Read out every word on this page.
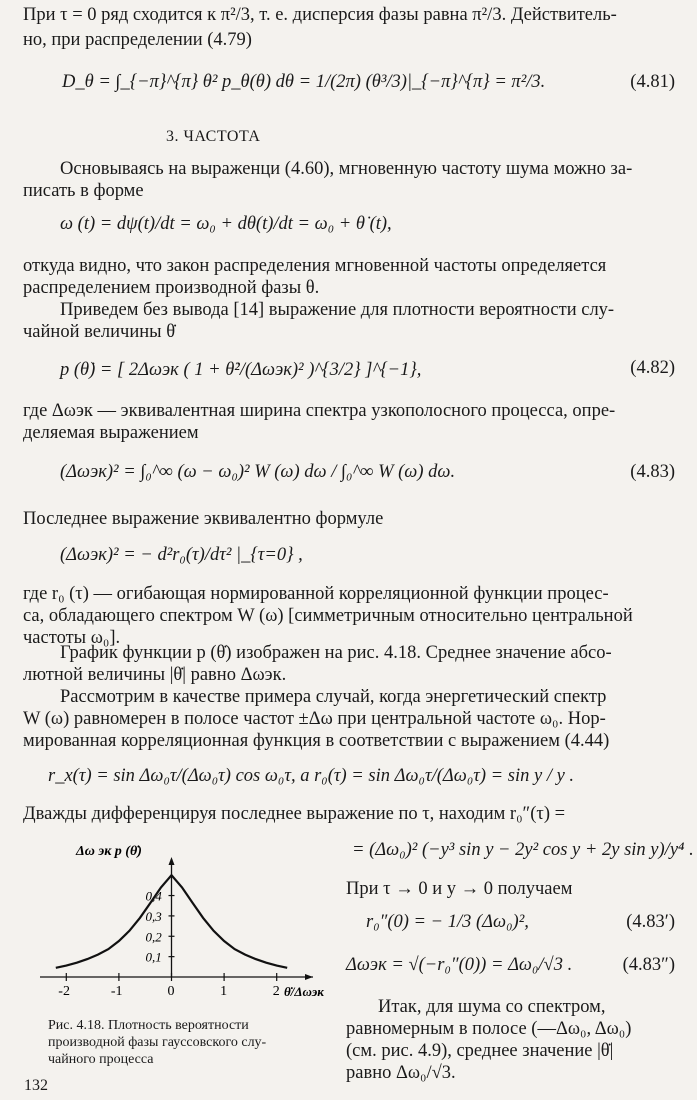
При τ = 0 ряд сходится к π²/3, т. е. дисперсия фазы равна π²/3. Действитель-
но, при распределении (4.79)
D_θ = ∫_{−π}^{π} θ² p_θ(θ) dθ = 1/(2π) (θ³/3)|_{−π}^{π} = π²/3.	(4.81)
3. ЧАСТОТА
Основываясь на выраженци (4.60), мгновенную частоту шума можно за-
писать в форме
ω (t) = dψ(t)/dt = ω₀ + dθ(t)/dt = ω₀ + θ̇ (t),
откуда видно, что закон распределения мгновенной частоты определяется
распределением производной фазы θ.
Приведем без вывода [14] выражение для плотности вероятности слу-
чайной величины θ̇
p (θ̇) = [ 2Δωэк ( 1 + θ̇²/(Δωэк)² )^{3/2} ]^{−1},	(4.82)
где Δωэк — эквивалентная ширина спектра узкополосного процесса, опре-
деляемая выражением
(Δωэк)² = ∫₀^∞ (ω − ω₀)² W (ω) dω / ∫₀^∞ W (ω) dω.	(4.83)
Последнее выражение эквивалентно формуле
(Δωэк)² = − d²r₀(τ)/dτ² |_{τ=0} ,
где r₀ (τ) — огибающая нормированной корреляционной функции процес-
са, обладающего спектром W (ω) [симметричным относительно центральной
частоты ω₀].
График функции p (θ̇) изображен на рис. 4.18. Среднее значение абсо-
лютной величины |θ̇| равно Δωэк.
Рассмотрим в качестве примера случай, когда энергетический спектр
W (ω) равномерен в полосе частот ±Δω при центральной частоте ω₀. Нор-
мированная корреляционная функция в соответствии с выражением (4.44)
r_x(τ) = sin Δω₀τ/(Δω₀τ) cos ω₀τ, а r₀(τ) = sin Δω₀τ/(Δω₀τ) = sin y / y .
Дважды дифференцируя последнее выражение по τ, находим r₀″(τ) =
= (Δω₀)² (−y³ sin y − 2y² cos y + 2y sin y)/y⁴ .
При τ → 0 и y → 0 получаем
r₀″(0) = − 1/3 (Δω₀)²,	(4.83′)
Δωэк = √(−r₀″(0)) = Δω₀/√3 .	(4.83″)
Итак, для шума со спектром,
равномерным в полосе (—Δω₀, Δω₀)
(см. рис. 4.9), среднее значение |θ̇|
равно Δω₀/√3.
-2	-1	0	1	2
0,1
0,2
0,3
0,4
Δω эк p (θ̇)
θ̇/Δωэк
Рис. 4.18. Плотность вероятности
производной фазы гауссовского слу-
чайного процесса
132
